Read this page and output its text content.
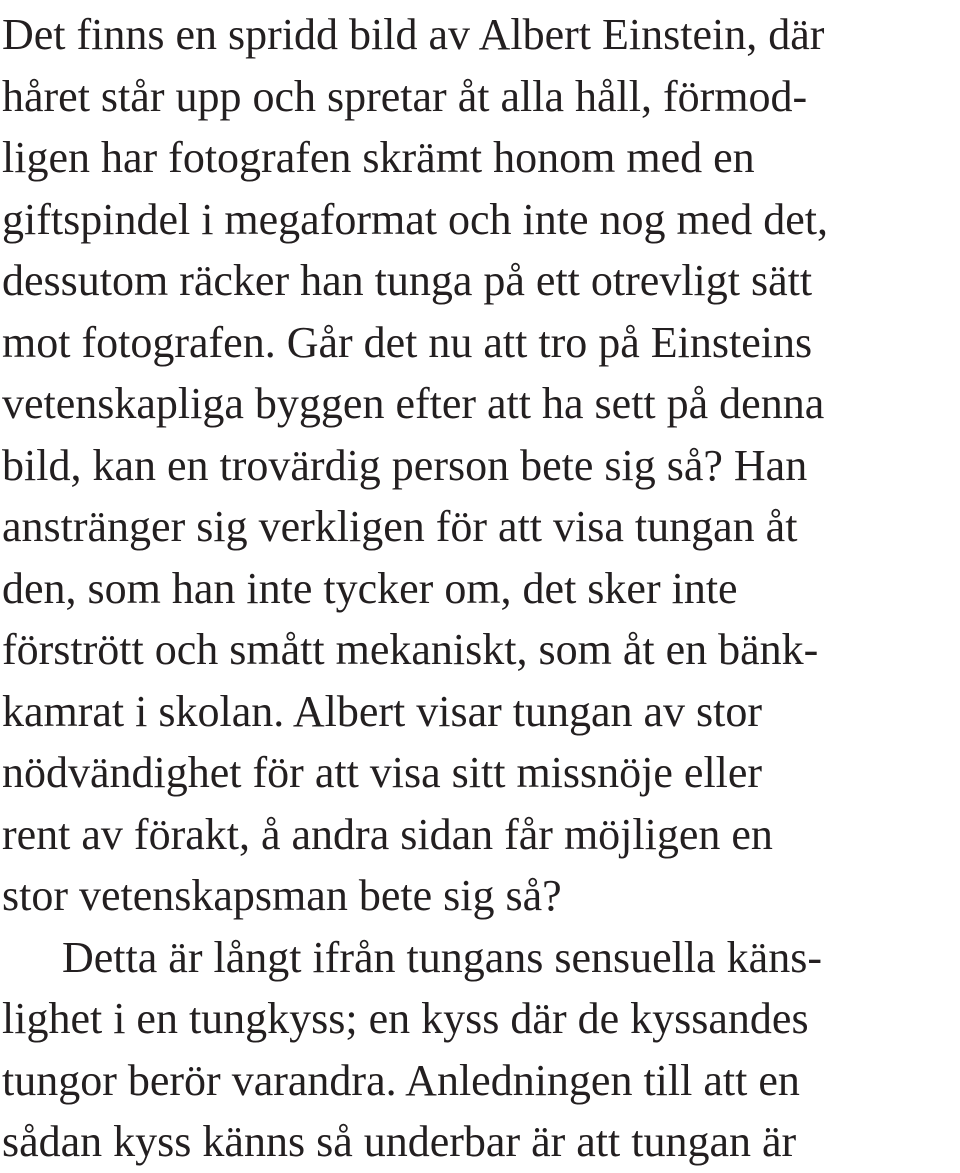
Det finns en spridd bild av Albert Einstein, där
håret står upp och spretar åt alla håll, förmod-
ligen har fotografen skrämt honom med en
giftspindel i megaformat och inte nog med det,
dessutom räcker han tunga på ett otrevligt sätt
mot fotografen. Går det nu att tro på Einsteins
vetenskapliga byggen efter att ha sett på denna
bild, kan en trovärdig person bete sig så? Han
anstränger sig verkligen för att visa tungan åt
den, som han inte tycker om, det sker inte
förstrött och smått mekaniskt, som åt en bänk-
kamrat i skolan. Albert visar tungan av stor
nödvändighet för att visa sitt missnöje eller
rent av förakt, å andra sidan får möjligen en
stor vetenskapsman bete sig så?
Detta är långt ifrån tungans sensuella käns-
lighet i en tungkyss; en kyss där de kyssandes
tungor berör varandra. Anledningen till att en
sådan kyss känns så underbar är att tungan är
